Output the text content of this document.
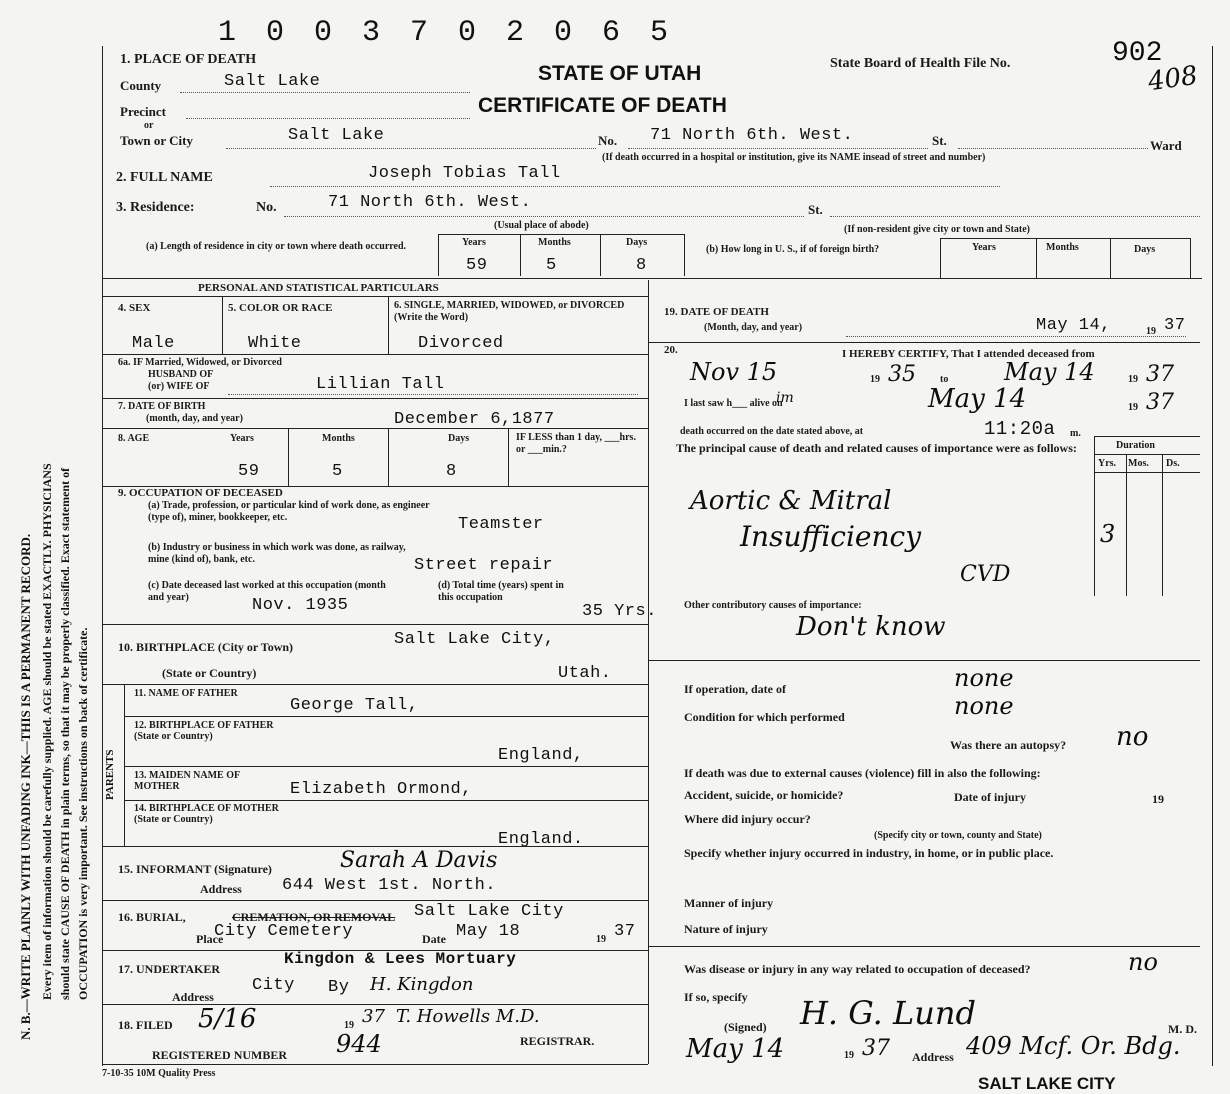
N. B.—WRITE PLAINLY WITH UNFADING INK—THIS IS A PERMANENT RECORD. Every item of information should be carefully supplied. AGE should be stated EXACTLY. PHYSICIANS should state CAUSE OF DEATH in plain terms, so that it may be properly classified. Exact statement of OCCUPATION is very important. See instructions on back of certificate.
1 0 0 3 7 0 2 0 6 5
1. PLACE OF DEATH
STATE OF UTAH
CERTIFICATE OF DEATH
State Board of Health File No.	902
408
County	Salt Lake
Precinct
or
Town or City	Salt Lake	No. 71 North 6th. West.	St.	Ward
(If death occurred in a hospital or institution, give its NAME insead of street and number)
2. FULL NAME	Joseph Tobias Tall
3. Residence:	No.	71 North 6th. West.	St.
(Usual place of abode)	(If non-resident give city or town and State)
(a) Length of residence in city or town where death occurred.	Years	Months	Days
59	5	8
(b) How long in U. S., if of foreign birth?	Years	Months	Days
PERSONAL AND STATISTICAL PARTICULARS
4. SEX	5. COLOR OR RACE	6. SINGLE, MARRIED, WIDOWED, or DIVORCED (Write the Word)
Male	White	Divorced
6a. IF Married, Widowed, or Divorced
HUSBAND OF
(or) WIFE OF	Lillian Tall
7. DATE OF BIRTH
(month, day, and year)	December 6,1877
8. AGE	Years	Months	Days	IF LESS than 1 day, ___hrs. or ___min.?
59	5	8
9. OCCUPATION OF DECEASED
(a) Trade, profession, or particular kind of work done, as engineer (type of), miner, bookkeeper, etc.	Teamster
(b) Industry or business in which work was done, as railway, mine (kind of), bank, etc.	Street repair
(c) Date deceased last worked at this occupation (month and year)	Nov. 1935
(d) Total time (years) spent in this occupation
35 Yrs.
10. BIRTHPLACE (City or Town)	Salt Lake City,
(State or Country)	Utah.
PARENTS
11. NAME OF FATHER
George Tall,
12. BIRTHPLACE OF FATHER (State or Country)
England,
13. MAIDEN NAME OF MOTHER	Elizabeth Ormond,
14. BIRTHPLACE OF MOTHER (State or Country)
England.
15. INFORMANT (Signature)	Sarah A Davis
Address 644 West 1st. North.
16. BURIAL,	CREMATION, OR REMOVAL Salt Lake City
Place
City Cemetery	Date May 18	19 37
17. UNDERTAKER
Kingdon & Lees Mortuary
Address
City By H. Kingdon
18. FILED 5/16	19 37 T. Howells M.D.
REGISTRAR.
REGISTERED NUMBER 944
7-10-35 10M Quality Press
19. DATE OF DEATH
(Month, day, and year)	May 14,	19 37
20.	I HEREBY CERTIFY, That I attended deceased from
Nov 15	19 35 to May 14	19 37
I last saw h___ alive on
im	May 14	19 37
death occurred on the date stated above, at	11:20a m.
The principal cause of death and related causes of importance were as follows:	Duration
Yrs. Mos. Ds.
Aortic & Mitral
Insufficiency	3
CVD
Other contributory causes of importance:
Don't know
If operation, date of	none
Condition for which performed	none
Was there an autopsy? no
If death was due to external causes (violence) fill in also the following:
Accident, suicide, or homicide?	Date of injury	19
Where did injury occur?
(Specify city or town, county and State)
Specify whether injury occurred in industry, in home, or in public place.
Manner of injury
Nature of injury
Was disease or injury in any way related to occupation of deceased?	no
If so, specify
(Signed) H. G. Lund	M. D.
May 14	19 37 Address 409 Mcf. Or. Bdg.
SALT LAKE CITY
